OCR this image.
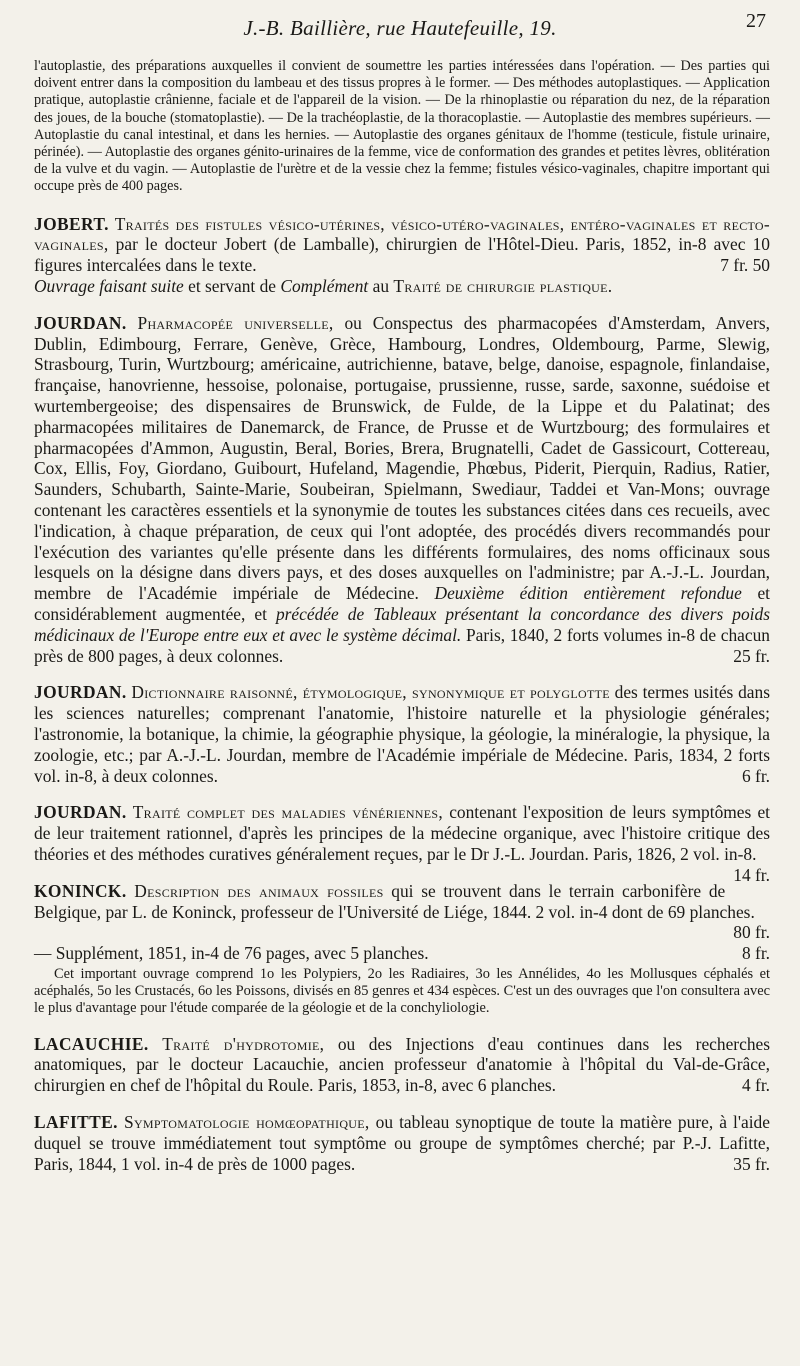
J.-B. Baillière, rue Hautefeuille, 19.	27

l'autoplastie, des préparations auxquelles il convient de soumettre les parties intéressées dans l'opération. — Des parties qui doivent entrer dans la composition du lambeau et des tissus propres à le former. — Des méthodes autoplastiques. — Application pratique, autoplastie crânienne, faciale et de l'appareil de la vision. — De la rhinoplastie ou réparation du nez, de la réparation des joues, de la bouche (stomatoplastie). — De la trachéoplastie, de la thoracoplastie. — Autoplastie des membres supérieurs. — Autoplastie du canal intestinal, et dans les hernies. — Autoplastie des organes génitaux de l'homme (testicule, fistule urinaire, périnée). — Autoplastie des organes génito-urinaires de la femme, vice de conformation des grandes et petites lèvres, oblitération de la vulve et du vagin. — Autoplastie de l'urètre et de la vessie chez la femme; fistules vésico-vaginales, chapitre important qui occupe près de 400 pages.

JOBERT. Traités des fistules vésico-utérines, vésico-utéro-vaginales, entéro-vaginales et recto-vaginales, par le docteur Jobert (de Lamballe), chirurgien de l'Hôtel-Dieu. Paris, 1852, in-8 avec 10 figures intercalées dans le texte.	7 fr. 50

Ouvrage faisant suite et servant de Complément au Traité de chirurgie plastique.

JOURDAN. Pharmacopée universelle, ou Conspectus des pharmacopées d'Amsterdam, Anvers, Dublin, Edimbourg, Ferrare, Genève, Grèce, Hambourg, Londres, Oldembourg, Parme, Slewig, Strasbourg, Turin, Wurtzbourg; américaine, autrichienne, batave, belge, danoise, espagnole, finlandaise, française, hanovrienne, hessoise, polonaise, portugaise, prussienne, russe, sarde, saxonne, suédoise et wurtembergeoise; des dispensaires de Brunswick, de Fulde, de la Lippe et du Palatinat; des pharmacopées militaires de Danemarck, de France, de Prusse et de Wurtzbourg; des formulaires et pharmacopées d'Ammon, Augustin, Beral, Bories, Brera, Brugnatelli, Cadet de Gassicourt, Cottereau, Cox, Ellis, Foy, Giordano, Guibourt, Hufeland, Magendie, Phœbus, Piderit, Pierquin, Radius, Ratier, Saunders, Schubarth, Sainte-Marie, Soubeiran, Spielmann, Swediaur, Taddei et Van-Mons; ouvrage contenant les caractères essentiels et la synonymie de toutes les substances citées dans ces recueils, avec l'indication, à chaque préparation, de ceux qui l'ont adoptée, des procédés divers recommandés pour l'exécution des variantes qu'elle présente dans les différents formulaires, des noms officinaux sous lesquels on la désigne dans divers pays, et des doses auxquelles on l'administre; par A.-J.-L. Jourdan, membre de l'Académie impériale de Médecine. Deuxième édition entièrement refondue et considérablement augmentée, et précédée de Tableaux présentant la concordance des divers poids médicinaux de l'Europe entre eux et avec le système décimal. Paris, 1840, 2 forts volumes in-8 de chacun près de 800 pages, à deux colonnes.	25 fr.

JOURDAN. Dictionnaire raisonné, étymologique, synonymique et polyglotte des termes usités dans les sciences naturelles; comprenant l'anatomie, l'histoire naturelle et la physiologie générales; l'astronomie, la botanique, la chimie, la géographie physique, la géologie, la minéralogie, la physique, la zoologie, etc.; par A.-J.-L. Jourdan, membre de l'Académie impériale de Médecine. Paris, 1834, 2 forts vol. in-8, à deux colonnes.	6 fr.

JOURDAN. Traité complet des maladies vénériennes, contenant l'exposition de leurs symptômes et de leur traitement rationnel, d'après les principes de la médecine organique, avec l'histoire critique des théories et des méthodes curatives généralement reçues, par le Dr J.-L. Jourdan. Paris, 1826, 2 vol. in-8.
14 fr.

KONINCK. Description des animaux fossiles qui se trouvent dans le terrain carbonifère de Belgique, par L. de Koninck, professeur de l'Université de Liége, 1844. 2 vol. in-4 dont de 69 planches.
80 fr.
— Supplément, 1851, in-4 de 76 pages, avec 5 planches.	8 fr.

Cet important ouvrage comprend 1o les Polypiers, 2o les Radiaires, 3o les Annélides, 4o les Mollusques céphalés et acéphalés, 5o les Crustacés, 6o les Poissons, divisés en 85 genres et 434 espèces. C'est un des ouvrages que l'on consultera avec le plus d'avantage pour l'étude comparée de la géologie et de la conchyliologie.

LACAUCHIE. Traité d'hydrotomie, ou des Injections d'eau continues dans les recherches anatomiques, par le docteur Lacauchie, ancien professeur d'anatomie à l'hôpital du Val-de-Grâce, chirurgien en chef de l'hôpital du Roule. Paris, 1853, in-8, avec 6 planches.	4 fr.

LAFITTE. Symptomatologie homœopathique, ou tableau synoptique de toute la matière pure, à l'aide duquel se trouve immédiatement tout symptôme ou groupe de symptômes cherché; par P.-J. Lafitte, Paris, 1844, 1 vol. in-4 de près de 1000 pages.	35 fr.
